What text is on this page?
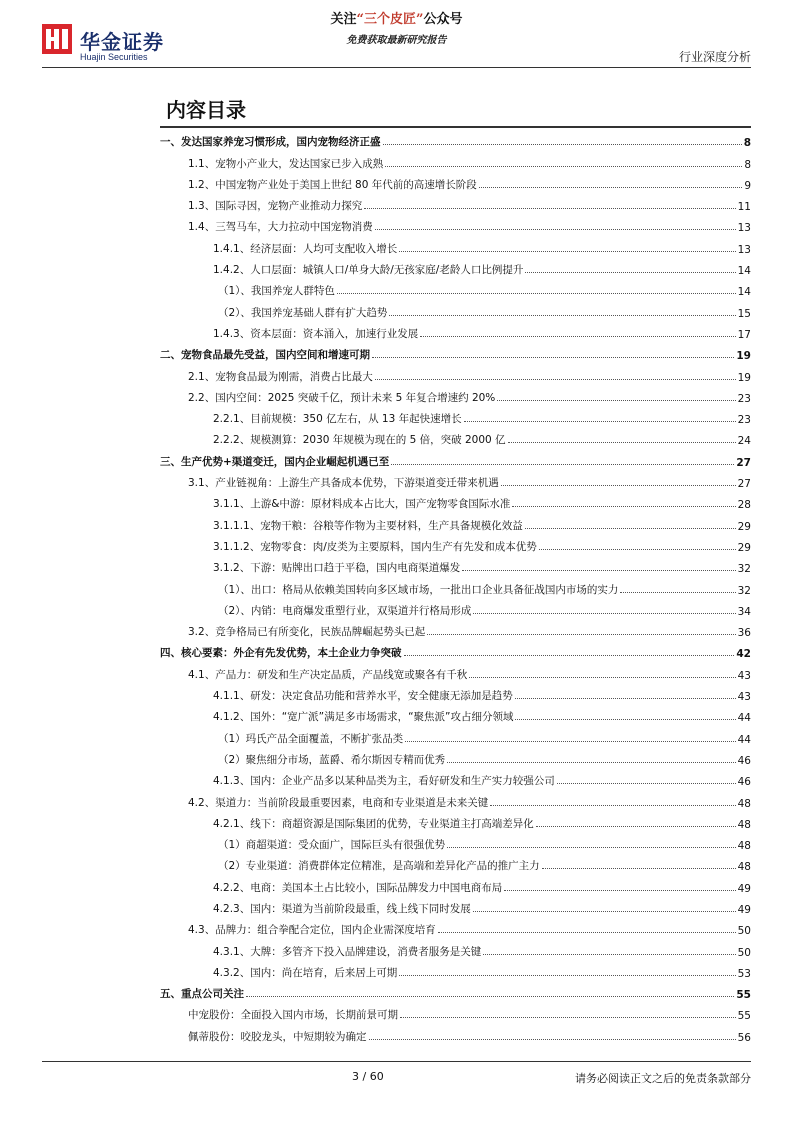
华金证券
Huajin Securities
关注“三个皮匠”公众号
免费获取最新研究报告
行业深度分析
内容目录
一、发达国家养宠习惯形成，国内宠物经济正盛	8
1.1、宠物小产业大，发达国家已步入成熟	8
1.2、中国宠物产业处于美国上世纪 80 年代前的高速增长阶段	9
1.3、国际寻因，宠物产业推动力探究	11
1.4、三驾马车，大力拉动中国宠物消费	13
1.4.1、经济层面：人均可支配收入增长	13
1.4.2、人口层面：城镇人口/单身大龄/无孩家庭/老龄人口比例提升	14
（1）、我国养宠人群特色	14
（2）、我国养宠基础人群有扩大趋势	15
1.4.3、资本层面：资本涌入，加速行业发展	17
二、宠物食品最先受益，国内空间和增速可期	19
2.1、宠物食品最为刚需，消费占比最大	19
2.2、国内空间：2025 突破千亿，预计未来 5 年复合增速约 20%	23
2.2.1、目前规模：350 亿左右，从 13 年起快速增长	23
2.2.2、规模测算：2030 年规模为现在的 5 倍，突破 2000 亿	24
三、生产优势+渠道变迁，国内企业崛起机遇已至	27
3.1、产业链视角：上游生产具备成本优势，下游渠道变迁带来机遇	27
3.1.1、上游&中游：原材料成本占比大，国产宠物零食国际水准	28
3.1.1.1、宠物干粮：谷粮等作物为主要材料，生产具备规模化效益	29
3.1.1.2、宠物零食：肉/皮类为主要原料，国内生产有先发和成本优势	29
3.1.2、下游：贴牌出口趋于平稳，国内电商渠道爆发	32
（1）、出口：格局从依赖美国转向多区域市场，一批出口企业具备征战国内市场的实力	32
（2）、内销：电商爆发重塑行业，双渠道并行格局形成	34
3.2、竞争格局已有所变化，民族品牌崛起势头已起	36
四、核心要素：外企有先发优势，本土企业力争突破	42
4.1、产品力：研发和生产决定品质，产品线宽或聚各有千秋	43
4.1.1、研发：决定食品功能和营养水平，安全健康无添加是趋势	43
4.1.2、国外：“宽广派”满足多市场需求，“聚焦派”攻占细分领域	44
（1）玛氏产品全面覆盖，不断扩张品类	44
（2）聚焦细分市场，蓝爵、希尔斯因专精而优秀	46
4.1.3、国内：企业产品多以某种品类为主，看好研发和生产实力较强公司	46
4.2、渠道力：当前阶段最重要因素，电商和专业渠道是未来关键	48
4.2.1、线下：商超资源是国际集团的优势，专业渠道主打高端差异化	48
（1）商超渠道：受众面广，国际巨头有很强优势	48
（2）专业渠道：消费群体定位精准，是高端和差异化产品的推广主力	48
4.2.2、电商：美国本土占比较小，国际品牌发力中国电商布局	49
4.2.3、国内：渠道为当前阶段最重，线上线下同时发展	49
4.3、品牌力：组合拳配合定位，国内企业需深度培育	50
4.3.1、大牌：多管齐下投入品牌建设，消费者服务是关键	50
4.3.2、国内：尚在培育，后来居上可期	53
五、重点公司关注	55
中宠股份：全面投入国内市场，长期前景可期	55
佩蒂股份：咬胶龙头，中短期较为确定	56
3 / 60	请务必阅读正文之后的免责条款部分
